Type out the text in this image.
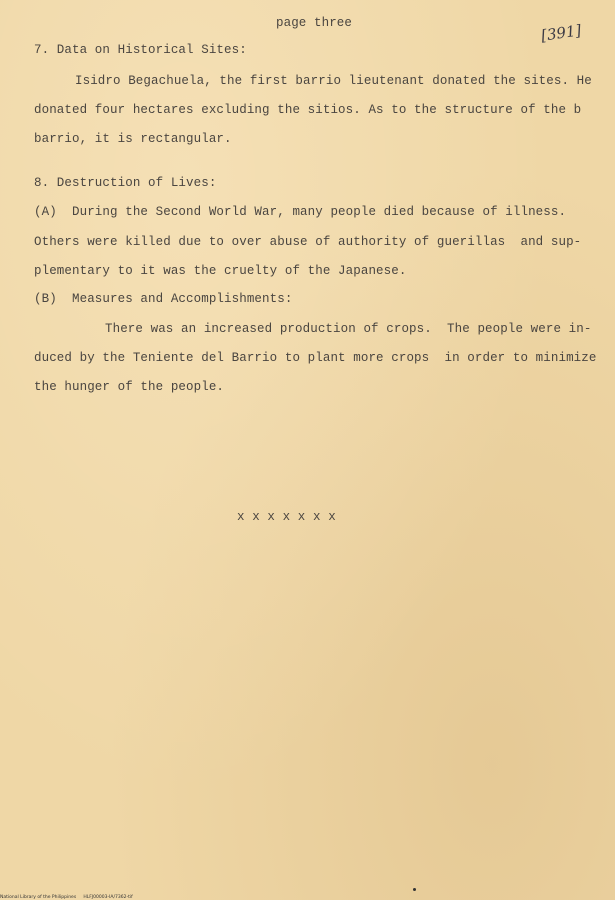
page three
[391]
7. Data on Historical Sites:
Isidro Begachuela, the first barrio lieutenant donated the sites. He
donated four hectares excluding the sitios. As to the structure of the b
barrio, it is rectangular.
8. Destruction of Lives:
(A)  During the Second World War, many people died because of illness.
Others were killed due to over abuse of authority of guerillas  and sup-
plementary to it was the cruelty of the Japanese.
(B)  Measures and Accomplishments:
There was an increased production of crops.  The people were in-
duced by the Teniente del Barrio to plant more crops  in order to minimize
the hunger of the people.
x x x x x x x
National Library of the Philippines     HLFJ00003-IA/7362-tif
